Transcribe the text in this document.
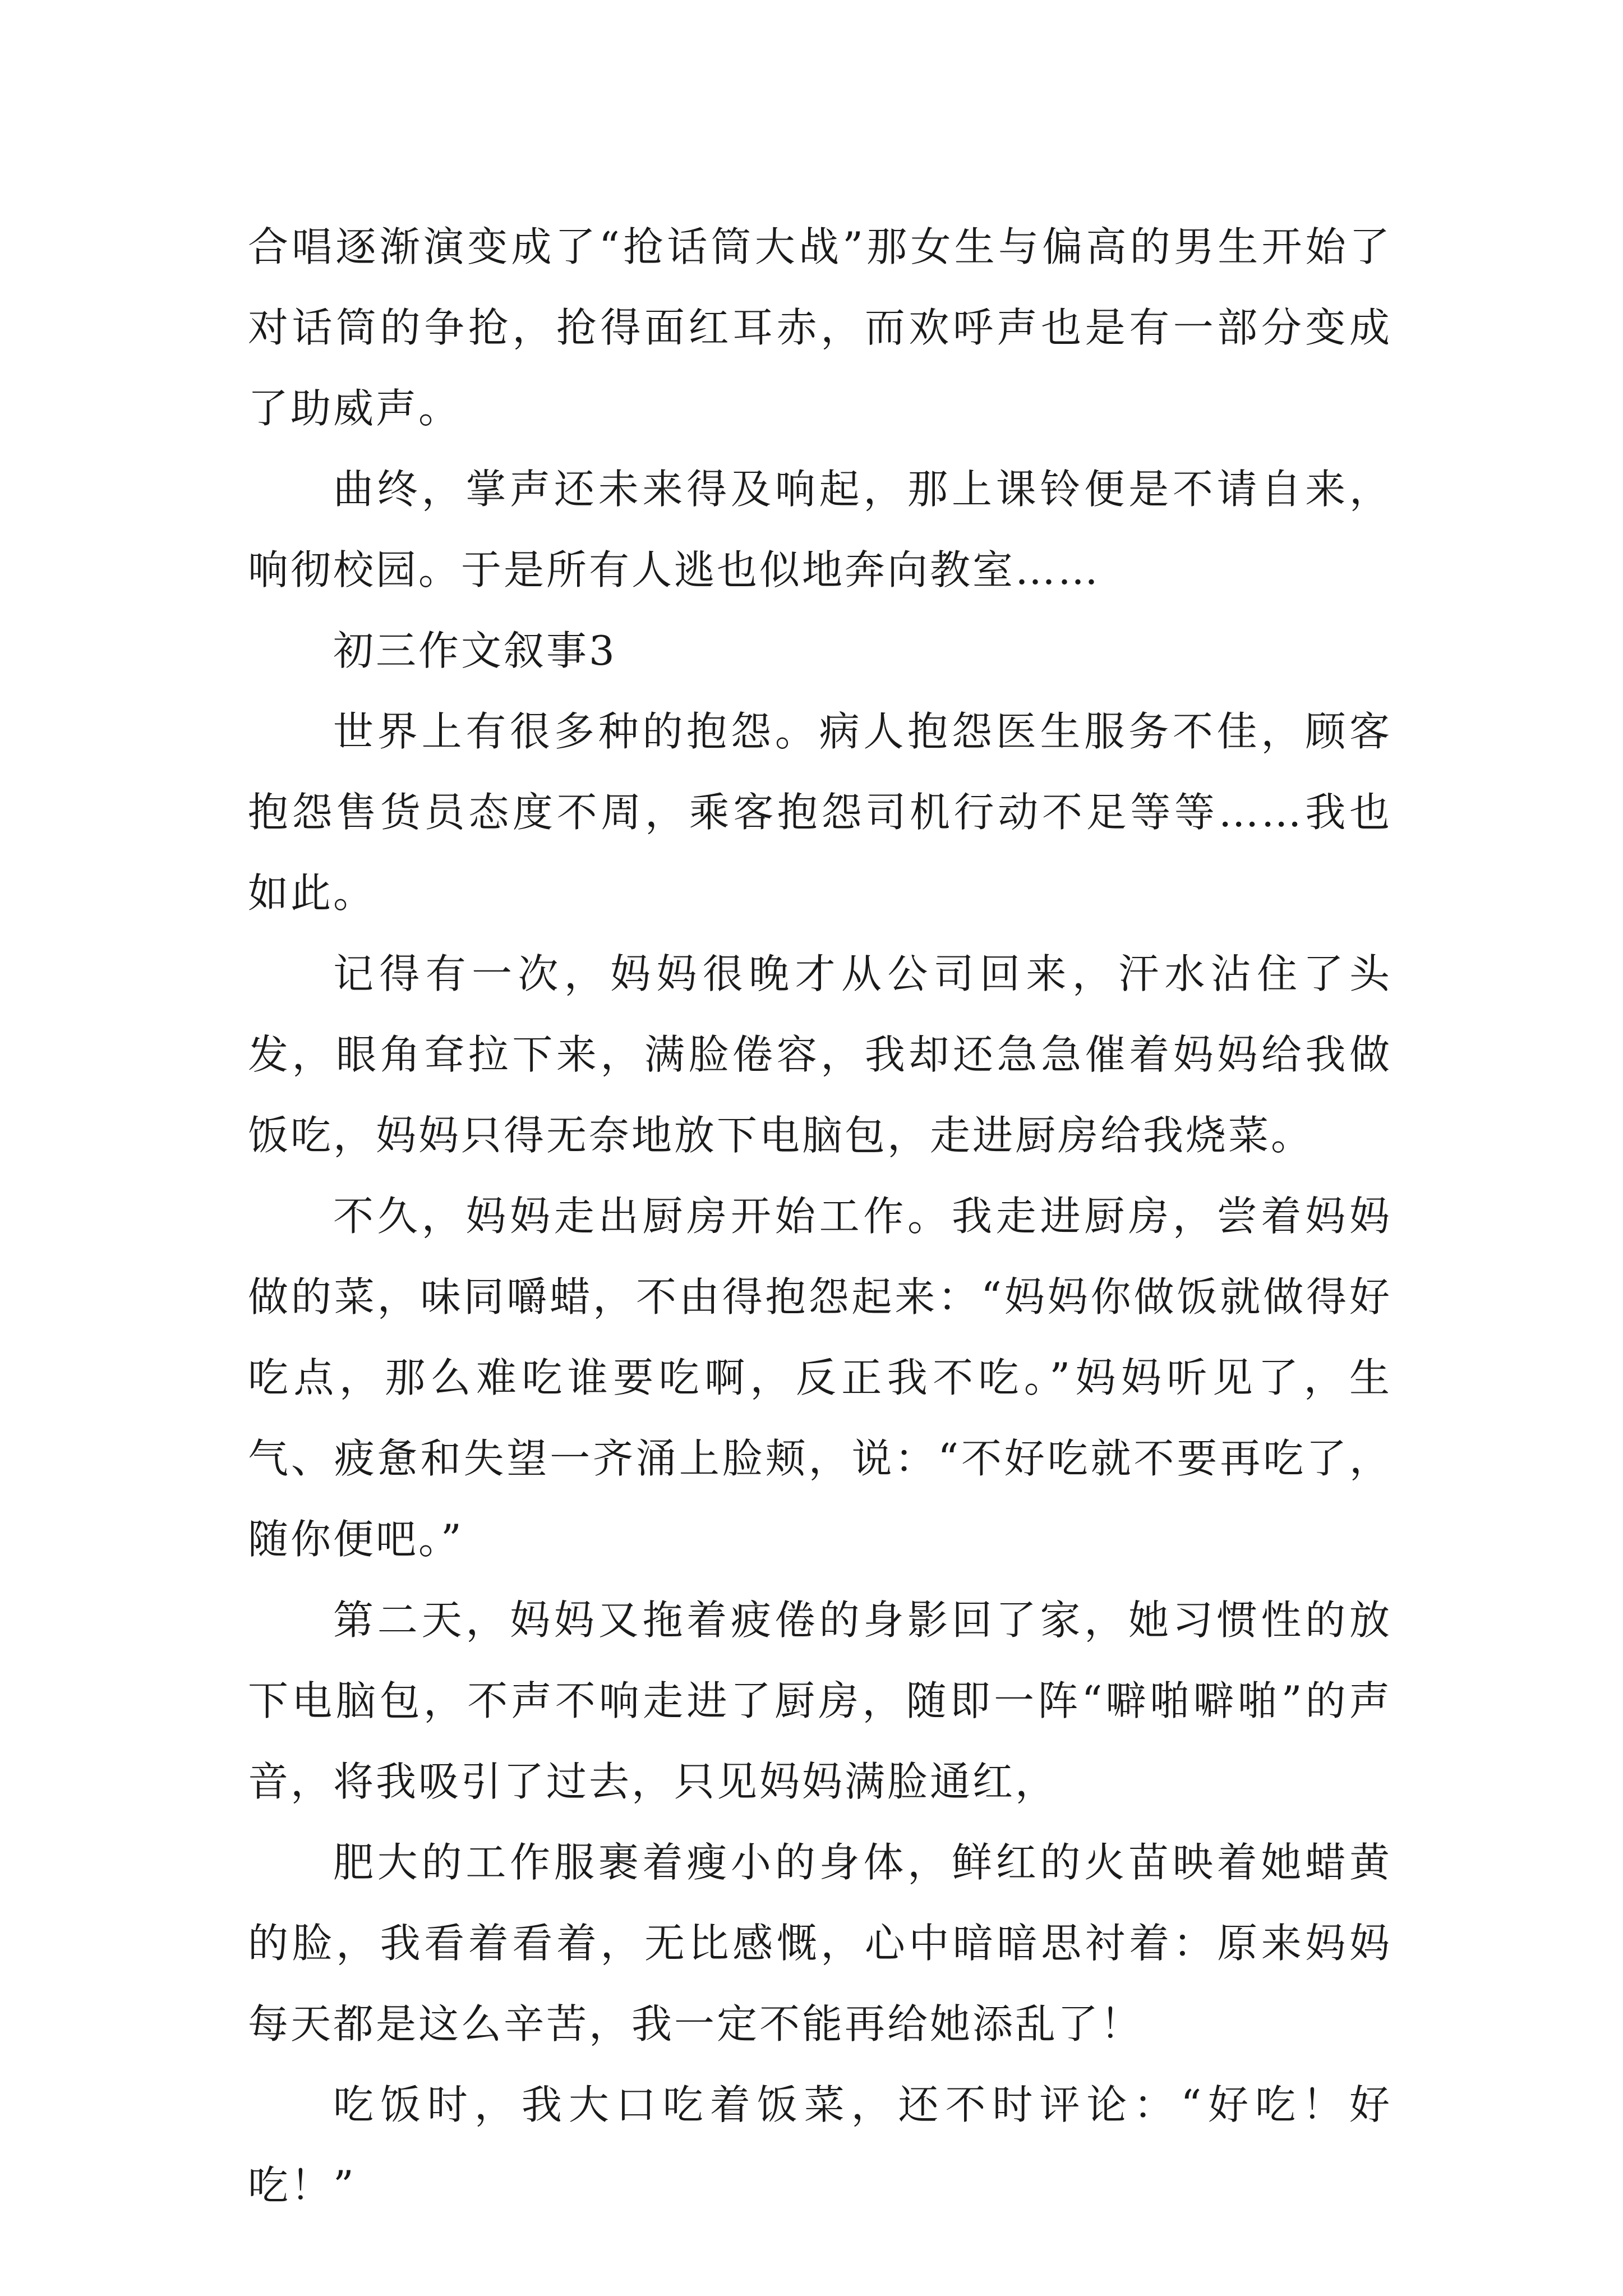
合唱逐渐演变成了“抢话筒大战”那女生与偏高的男生开始了对话筒的争抢，抢得面红耳赤，而欢呼声也是有一部分变成了助威声。

曲终，掌声还未来得及响起，那上课铃便是不请自来，响彻校园。于是所有人逃也似地奔向教室……

初三作文叙事3

世界上有很多种的抱怨。病人抱怨医生服务不佳，顾客抱怨售货员态度不周，乘客抱怨司机行动不足等等……我也如此。

记得有一次，妈妈很晚才从公司回来，汗水沾住了头发，眼角耷拉下来，满脸倦容，我却还急急催着妈妈给我做饭吃，妈妈只得无奈地放下电脑包，走进厨房给我烧菜。

不久，妈妈走出厨房开始工作。我走进厨房，尝着妈妈做的菜，味同嚼蜡，不由得抱怨起来：“妈妈你做饭就做得好吃点，那么难吃谁要吃啊，反正我不吃。”妈妈听见了，生气、疲惫和失望一齐涌上脸颊，说：“不好吃就不要再吃了，随你便吧。”

第二天，妈妈又拖着疲倦的身影回了家，她习惯性的放下电脑包，不声不响走进了厨房，随即一阵“噼啪噼啪”的声音，将我吸引了过去，只见妈妈满脸通红，

肥大的工作服裹着瘦小的身体，鲜红的火苗映着她蜡黄的脸，我看着看着，无比感慨，心中暗暗思衬着：原来妈妈每天都是这么辛苦，我一定不能再给她添乱了！

吃饭时，我大口吃着饭菜，还不时评论：“好吃！好吃！”
